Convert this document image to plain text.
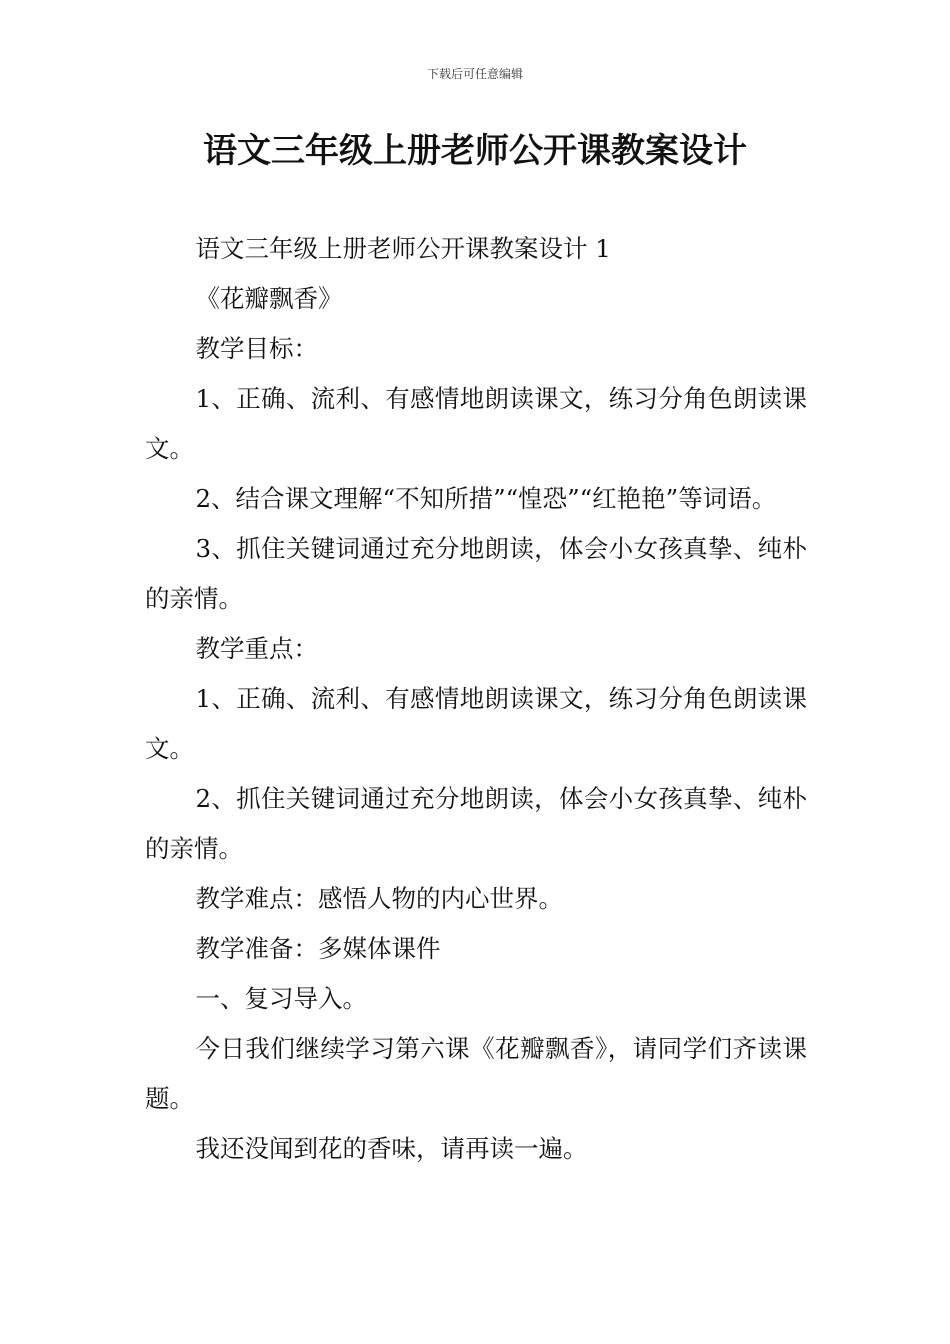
下载后可任意编辑
语文三年级上册老师公开课教案设计

语文三年级上册老师公开课教案设计 1

《花瓣飘香》

教学目标：

1、正确、流利、有感情地朗读课文，练习分角色朗读课文。

2、结合课文理解“不知所措”“惶恐”“红艳艳”等词语。

3、抓住关键词通过充分地朗读，体会小女孩真挚、纯朴的亲情。

教学重点：

1、正确、流利、有感情地朗读课文，练习分角色朗读课文。

2、抓住关键词通过充分地朗读，体会小女孩真挚、纯朴的亲情。

教学难点：感悟人物的内心世界。

教学准备：多媒体课件

一、复习导入。

今日我们继续学习第六课《花瓣飘香》，请同学们齐读课题。

我还没闻到花的香味，请再读一遍。
